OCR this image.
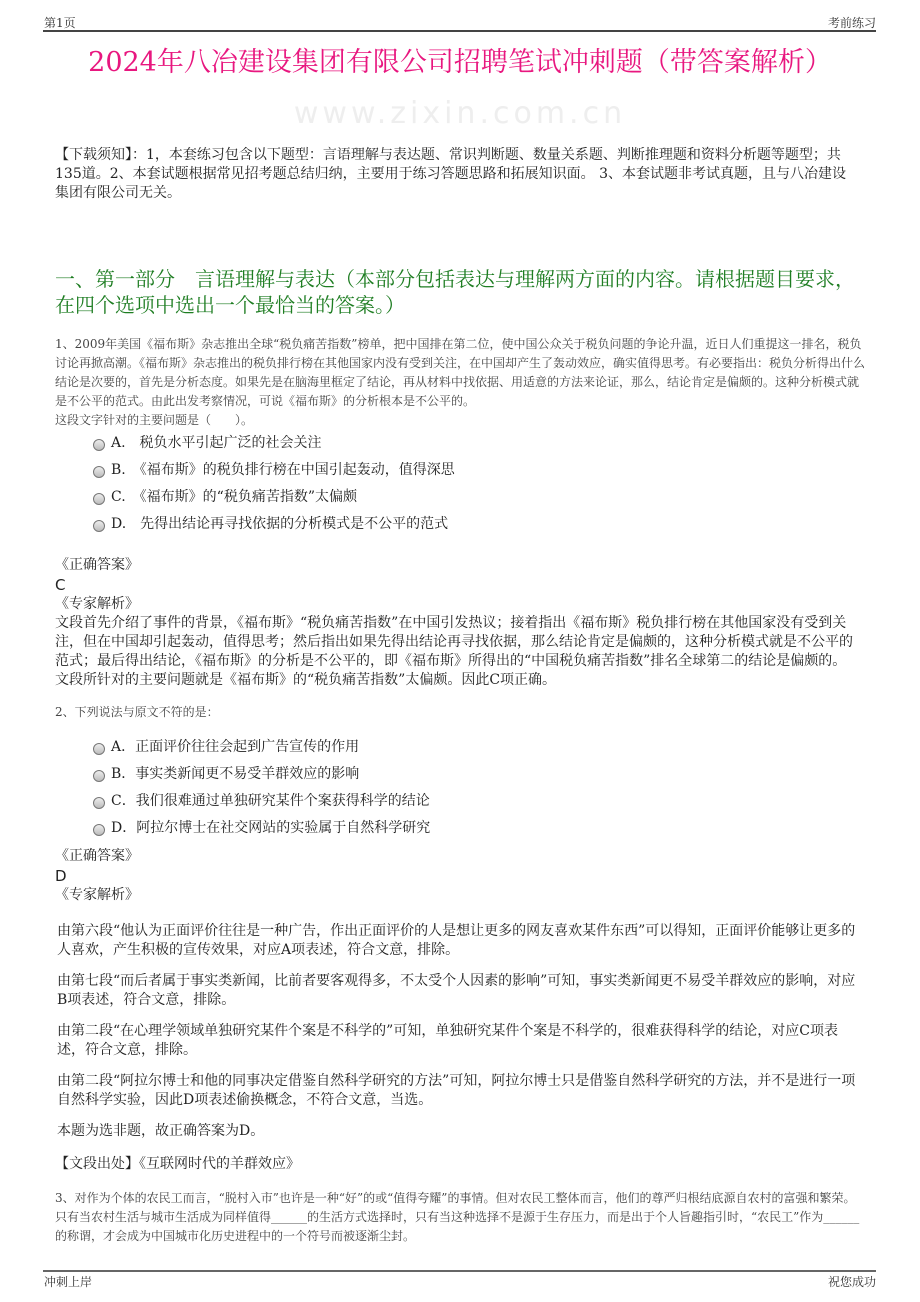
第1页	考前练习
2024年八冶建设集团有限公司招聘笔试冲刺题（带答案解析）
www.zixin.com.cn
【下载须知】：1，本套练习包含以下题型：言语理解与表达题、常识判断题、数量关系题、判断推理题和资料分析题等题型；共135道。2、本套试题根据常见招考题总结归纳，主要用于练习答题思路和拓展知识面。 3、本套试题非考试真题，且与八冶建设集团有限公司无关。
一、第一部分　言语理解与表达（本部分包括表达与理解两方面的内容。请根据题目要求，在四个选项中选出一个最恰当的答案。）
1、2009年美国《福布斯》杂志推出全球“税负痛苦指数”榜单，把中国排在第二位，使中国公众关于税负问题的争论升温，近日人们重提这一排名，税负讨论再掀高潮。《福布斯》杂志推出的税负排行榜在其他国家内没有受到关注，在中国却产生了轰动效应，确实值得思考。有必要指出：税负分析得出什么结论是次要的，首先是分析态度。如果先是在脑海里框定了结论，再从材料中找依据、用适意的方法来论证，那么，结论肯定是偏颇的。这种分析模式就是不公平的范式。由此出发考察情况，可说《福布斯》的分析根本是不公平的。
这段文字针对的主要问题是（　　）。
A.　税负水平引起广泛的社会关注
B.　《福布斯》的税负排行榜在中国引起轰动，值得深思
C.　《福布斯》的“税负痛苦指数”太偏颇
D.　先得出结论再寻找依据的分析模式是不公平的范式
《正确答案》
C
《专家解析》
文段首先介绍了事件的背景，《福布斯》“税负痛苦指数”在中国引发热议；接着指出《福布斯》税负排行榜在其他国家没有受到关注，但在中国却引起轰动，值得思考；然后指出如果先得出结论再寻找依据，那么结论肯定是偏颇的，这种分析模式就是不公平的范式；最后得出结论，《福布斯》的分析是不公平的，即《福布斯》所得出的“中国税负痛苦指数”排名全球第二的结论是偏颇的。文段所针对的主要问题就是《福布斯》的“税负痛苦指数”太偏颇。因此C项正确。
2、下列说法与原文不符的是：
A．正面评价往往会起到广告宣传的作用
B．事实类新闻更不易受羊群效应的影响
C．我们很难通过单独研究某件个案获得科学的结论
D．阿拉尔博士在社交网站的实验属于自然科学研究
《正确答案》
D
《专家解析》
由第六段“他认为正面评价往往是一种广告，作出正面评价的人是想让更多的网友喜欢某件东西”可以得知，正面评价能够让更多的人喜欢，产生积极的宣传效果，对应A项表述，符合文意，排除。
由第七段“而后者属于事实类新闻，比前者要客观得多，不太受个人因素的影响”可知，事实类新闻更不易受羊群效应的影响，对应B项表述，符合文意，排除。
由第二段“在心理学领域单独研究某件个案是不科学的”可知，单独研究某件个案是不科学的，很难获得科学的结论，对应C项表述，符合文意，排除。
由第二段“阿拉尔博士和他的同事决定借鉴自然科学研究的方法”可知，阿拉尔博士只是借鉴自然科学研究的方法，并不是进行一项自然科学实验，因此D项表述偷换概念，不符合文意，当选。
本题为选非题，故正确答案为D。
【文段出处】《互联网时代的羊群效应》
3、对作为个体的农民工而言，“脱村入市”也许是一种“好”的或“值得夸耀”的事情。但对农民工整体而言，他们的尊严归根结底源自农村的富强和繁荣。只有当农村生活与城市生活成为同样值得______的生活方式选择时，只有当这种选择不是源于生存压力，而是出于个人旨趣指引时，“农民工”作为______的称谓，才会成为中国城市化历史进程中的一个符号而被逐渐尘封。
冲刺上岸	祝您成功
